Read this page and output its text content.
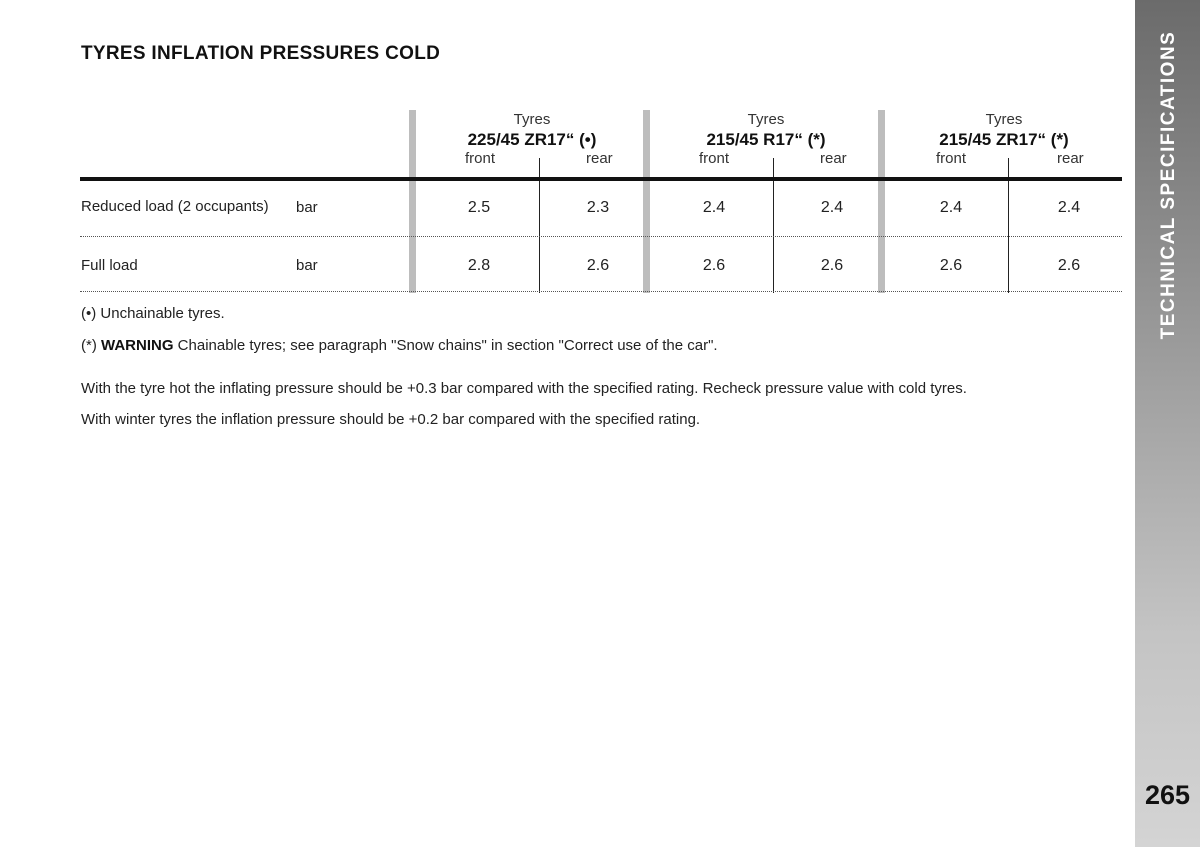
TECHNICAL SPECIFICATIONS
265
TYRES INFLATION PRESSURES COLD
Tyres
225/45 ZR17“ (•)
front	rear
Tyres
215/45 R17“ (*)
front	rear
Tyres
215/45 ZR17“ (*)
front	rear
Reduced load (2 occupants) bar	2.5	2.3	2.4	2.4	2.4	2.4
Full load	bar	2.8	2.6	2.6	2.6	2.6	2.6
(•) Unchainable tyres.
(*) WARNING Chainable tyres; see paragraph "Snow chains" in section "Correct use of the car".
With the tyre hot the inflating pressure should be +0.3 bar compared with the specified rating. Recheck pressure value with cold tyres.
With winter tyres the inflation pressure should be +0.2 bar compared with the specified rating.
